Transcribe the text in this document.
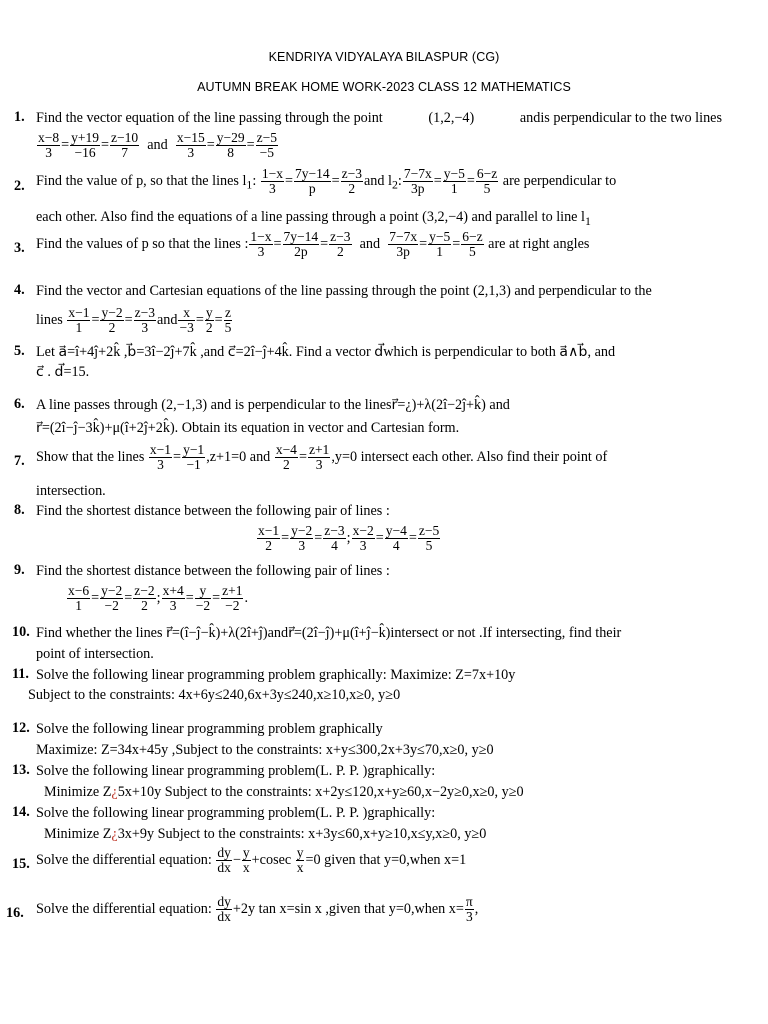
KENDRIYA VIDYALAYA BILASPUR (CG)
AUTUMN BREAK HOME WORK-2023 CLASS 12 MATHEMATICS
1. Find the vector equation of the line passing through the point	(1,2,−4)	andis perpendicular to the two lines
$\frac{x-8}{3} = \frac{y+19}{-16} = \frac{z-10}{7}$ and $\frac{x-15}{3} = \frac{y-29}{8} = \frac{z-5}{-5}$
2. Find the value of p, so that the lines $l_1$: $\frac{1-x}{3} = \frac{7y-14}{p} = \frac{z-3}{2}$ and $l_2$: $\frac{7-7x}{3p} = \frac{y-5}{1} = \frac{6-z}{5}$ are perpendicular to
each other. Also find the equations of a line passing through a point (3,2,−4) and parallel to line $l_1$
3. Find the values of p so that the lines : $\frac{1-x}{3} = \frac{7y-14}{2p} = \frac{z-3}{2}$ and $\frac{7-7x}{3p} = \frac{y-5}{1} = \frac{6-z}{5}$ are at right angles
4. Find the vector and Cartesian equations of the line passing through the point (2,1,3) and perpendicular to the
lines $\frac{x-1}{1} = \frac{y-2}{2} = \frac{z-3}{3}$ and $\frac{x}{-3} = \frac{y}{2} = \frac{z}{5}$
5. Let a⃗=î+4ĵ+2k̂ ,b⃗=3î−2ĵ+7k̂ ,and c⃗=2î−ĵ+4k̂. Find a vector d⃗which is perpendicular to both a⃗∧b⃗, and
c⃗ . d⃗=15.
6. A line passes through (2,−1,3) and is perpendicular to the linesr⃗=¿)+λ(2î−2ĵ+k̂) and
r⃗=(2î−ĵ−3k̂)+μ(î+2ĵ+2k̂). Obtain its equation in vector and Cartesian form.
7. Show that the lines $\frac{x-1}{3} = \frac{y-1}{-1} ,z+1=0$ and $\frac{x-4}{2} = \frac{z+1}{3} ,y=0$ intersect each other. Also find their point of
intersection.
8. Find the shortest distance between the following pair of lines :
$\frac{x-1}{2} = \frac{y-2}{3} = \frac{z-3}{4}$ ; $\frac{x-2}{3} = \frac{y-4}{4} = \frac{z-5}{5}$
9. Find the shortest distance between the following pair of lines :
$\frac{x-6}{1} = \frac{y-2}{-2} = \frac{z-2}{2}$ ; $\frac{x+4}{3} = \frac{y}{-2} = \frac{z+1}{-2}$ .
10. Find whether the lines r⃗=(î−ĵ−k̂)+λ(2î+ĵ)andr⃗=(2î−ĵ)+μ(î+ĵ−k̂)intersect or not .If intersecting, find their
point of intersection.
11. Solve the following linear programming problem graphically: Maximize: Z=7x+10y
Subject to the constraints: 4x+6y≤240,6x+3y≤240,x≥10,x≥0, y≥0
12. Solve the following linear programming problem graphically
Maximize: Z=34x+45y ,Subject to the constraints: x+y≤300,2x+3y≤70,x≥0, y≥0
13. Solve the following linear programming problem(L. P. P. )graphically:
Minimize Z¿5x+10y Subject to the constraints: x+2y≤120,x+y≥60,x−2y≥0,x≥0, y≥0
14. Solve the following linear programming problem(L. P. P. )graphically:
Minimize Z¿3x+9y Subject to the constraints: x+3y≤60,x+y≥10,x≤y,x≥0, y≥0
15. Solve the differential equation: $\frac{dy}{dx} - \frac{y}{x} +cosec \frac{y}{x} =0$ given that y=0,when x=1
16. Solve the differential equation: $\frac{dy}{dx} +2y$ tan x=sin x ,given that y=0,when $x= \frac{\pi}{3}$ ,
